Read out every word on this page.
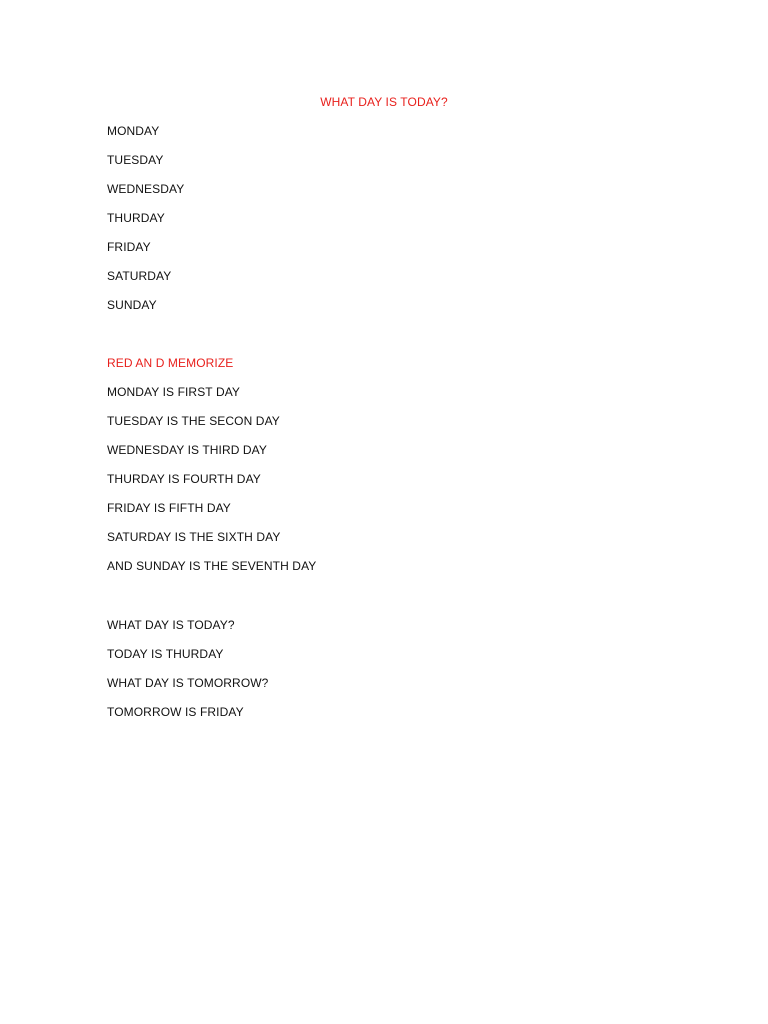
WHAT DAY IS TODAY?
MONDAY
TUESDAY
WEDNESDAY
THURDAY
FRIDAY
SATURDAY
SUNDAY
RED AN D MEMORIZE
MONDAY IS FIRST DAY
TUESDAY IS THE SECON DAY
WEDNESDAY IS THIRD DAY
THURDAY IS FOURTH DAY
FRIDAY IS FIFTH DAY
SATURDAY IS THE SIXTH DAY
AND SUNDAY IS THE SEVENTH DAY
WHAT DAY IS TODAY?
TODAY IS THURDAY
WHAT DAY IS TOMORROW?
TOMORROW IS FRIDAY
